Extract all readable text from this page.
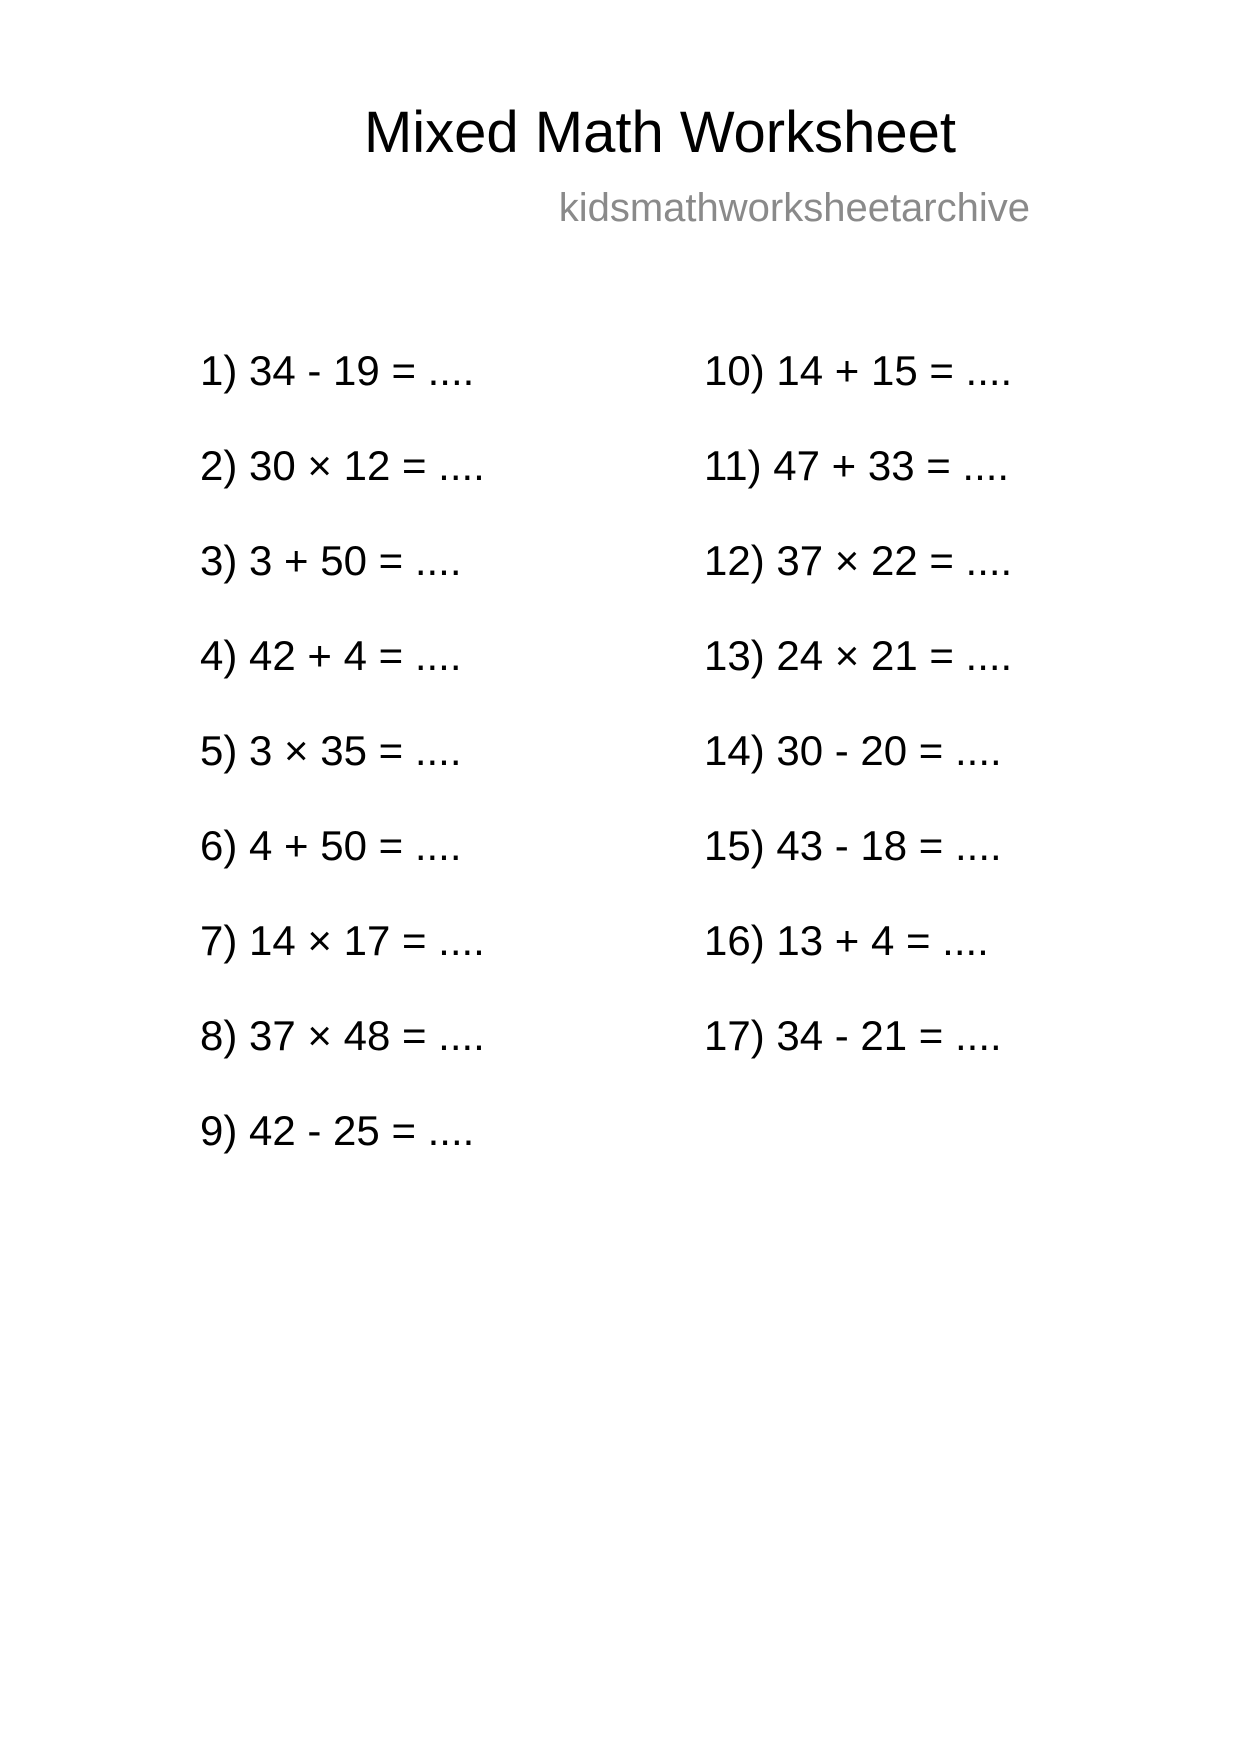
Mixed Math Worksheet
kidsmathworksheetarchive
1) 34 - 19 = ....
2) 30 × 12 = ....
3) 3 + 50 = ....
4) 42 + 4 = ....
5) 3 × 35 = ....
6) 4 + 50 = ....
7) 14 × 17 = ....
8) 37 × 48 = ....
9) 42 - 25 = ....
10) 14 + 15 = ....
11) 47 + 33 = ....
12) 37 × 22 = ....
13) 24 × 21 = ....
14) 30 - 20 = ....
15) 43 - 18 = ....
16) 13 + 4 = ....
17) 34 - 21 = ....
